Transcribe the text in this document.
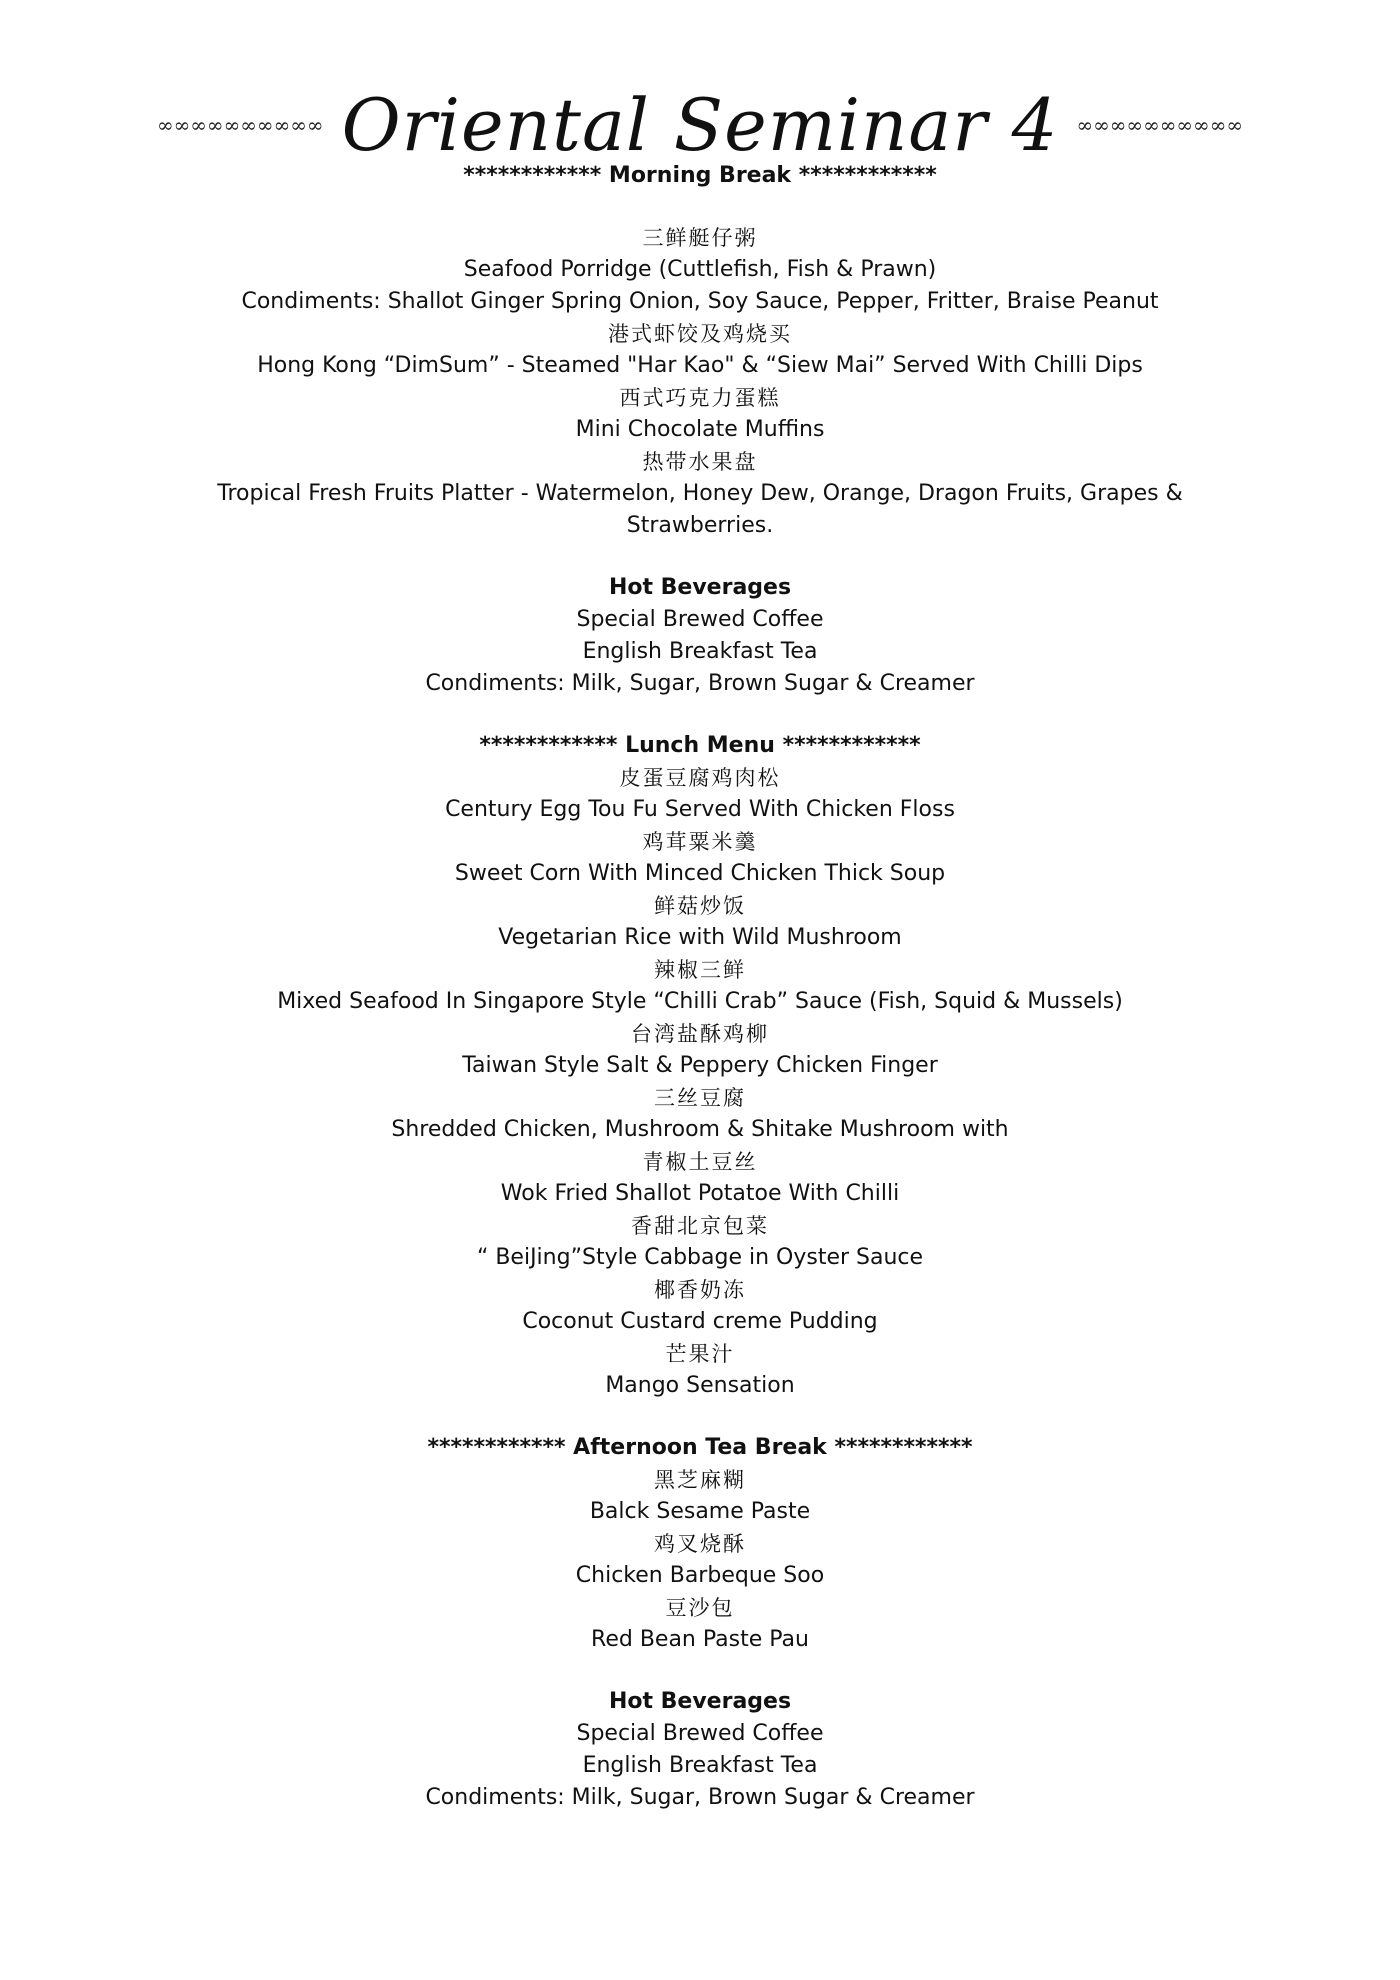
∞∞∞∞∞∞∞∞∞∞ Oriental Seminar 4 ∞∞∞∞∞∞∞∞∞∞
************ Morning Break ************
三鲜艇仔粥
Seafood Porridge (Cuttlefish, Fish & Prawn)
Condiments: Shallot Ginger Spring Onion, Soy Sauce, Pepper, Fritter, Braise Peanut
港式虾饺及鸡烧买
Hong Kong “DimSum” - Steamed "Har Kao" & “Siew Mai” Served With Chilli Dips
西式巧克力蛋糕
Mini Chocolate Muffins
热带水果盘
Tropical Fresh Fruits Platter - Watermelon, Honey Dew, Orange, Dragon Fruits, Grapes &
Strawberries.
Hot Beverages
Special Brewed Coffee
English Breakfast Tea
Condiments: Milk, Sugar, Brown Sugar & Creamer
************ Lunch Menu ************
皮蛋豆腐鸡肉松
Century Egg Tou Fu Served With Chicken Floss
鸡茸粟米羹
Sweet Corn With Minced Chicken Thick Soup
鲜菇炒饭
Vegetarian Rice with Wild Mushroom
辣椒三鲜
Mixed Seafood In Singapore Style “Chilli Crab” Sauce (Fish, Squid & Mussels)
台湾盐酥鸡柳
Taiwan Style Salt & Peppery Chicken Finger
三丝豆腐
Shredded Chicken, Mushroom & Shitake Mushroom with
青椒土豆丝
Wok Fried Shallot Potatoe With Chilli
香甜北京包菜
“ BeiJing”Style Cabbage in Oyster Sauce
椰香奶冻
Coconut Custard creme Pudding
芒果汁
Mango Sensation
************ Afternoon Tea Break ************
黑芝麻糊
Balck Sesame Paste
鸡叉烧酥
Chicken Barbeque Soo
豆沙包
Red Bean Paste Pau
Hot Beverages
Special Brewed Coffee
English Breakfast Tea
Condiments: Milk, Sugar, Brown Sugar & Creamer
